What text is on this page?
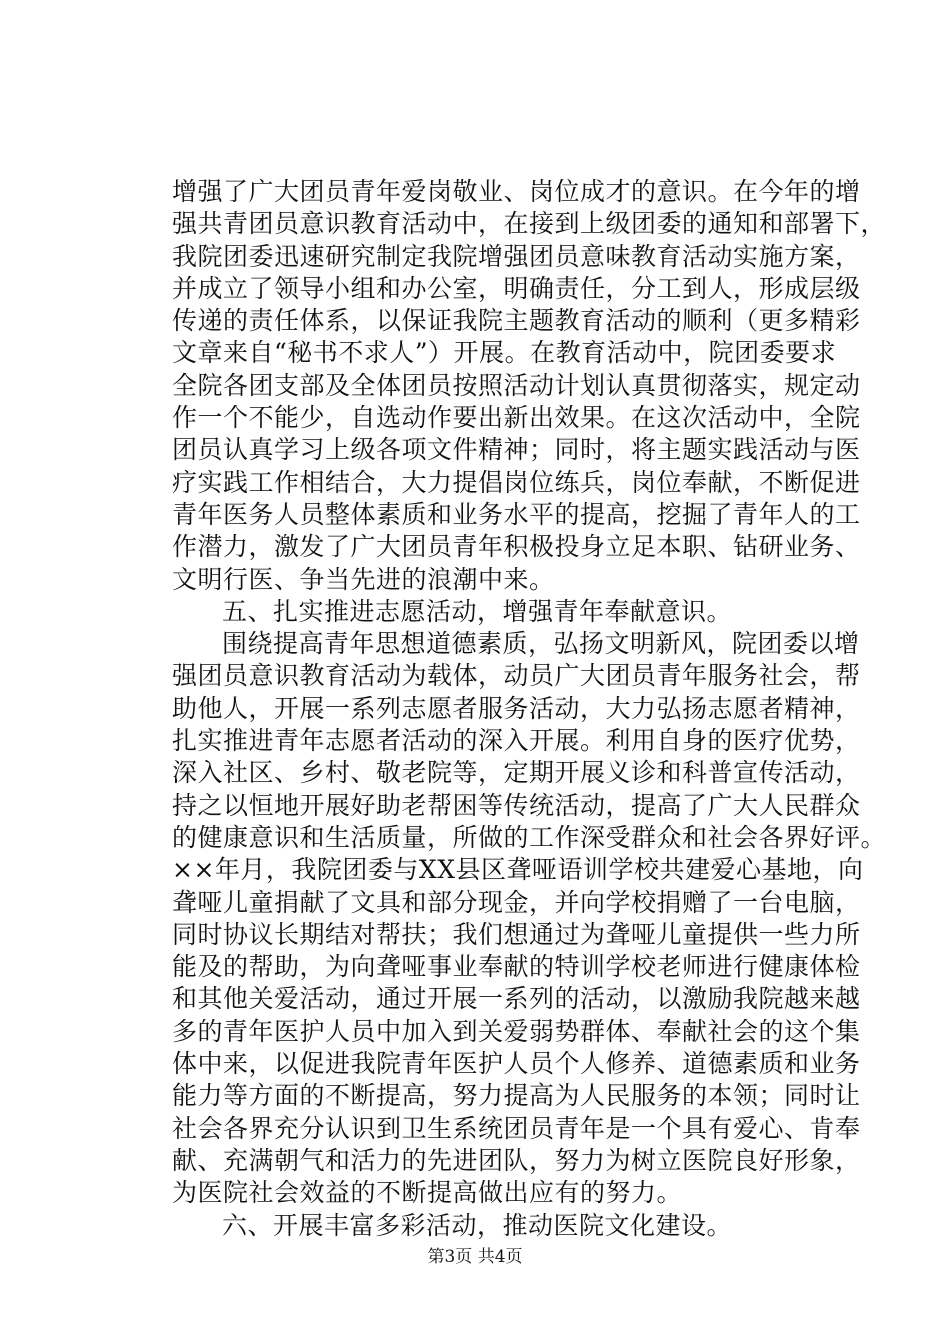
增强了广大团员青年爱岗敬业、岗位成才的意识。在今年的增
强共青团员意识教育活动中，在接到上级团委的通知和部署下，
我院团委迅速研究制定我院增强团员意味教育活动实施方案，
并成立了领导小组和办公室，明确责任，分工到人，形成层级
传递的责任体系，以保证我院主题教育活动的顺利（更多精彩
文章来自“秘书不求人”）开展。在教育活动中，院团委要求
全院各团支部及全体团员按照活动计划认真贯彻落实，规定动
作一个不能少，自选动作要出新出效果。在这次活动中，全院
团员认真学习上级各项文件精神；同时，将主题实践活动与医
疗实践工作相结合，大力提倡岗位练兵，岗位奉献，不断促进
青年医务人员整体素质和业务水平的提高，挖掘了青年人的工
作潜力，激发了广大团员青年积极投身立足本职、钻研业务、
文明行医、争当先进的浪潮中来。
五、扎实推进志愿活动，增强青年奉献意识。
围绕提高青年思想道德素质，弘扬文明新风，院团委以增
强团员意识教育活动为载体，动员广大团员青年服务社会，帮
助他人，开展一系列志愿者服务活动，大力弘扬志愿者精神，
扎实推进青年志愿者活动的深入开展。利用自身的医疗优势，
深入社区、乡村、敬老院等，定期开展义诊和科普宣传活动，
持之以恒地开展好助老帮困等传统活动，提高了广大人民群众
的健康意识和生活质量，所做的工作深受群众和社会各界好评。
××年月，我院团委与XX县区聋哑语训学校共建爱心基地，向
聋哑儿童捐献了文具和部分现金，并向学校捐赠了一台电脑，
同时协议长期结对帮扶；我们想通过为聋哑儿童提供一些力所
能及的帮助，为向聋哑事业奉献的特训学校老师进行健康体检
和其他关爱活动，通过开展一系列的活动，以激励我院越来越
多的青年医护人员中加入到关爱弱势群体、奉献社会的这个集
体中来，以促进我院青年医护人员个人修养、道德素质和业务
能力等方面的不断提高，努力提高为人民服务的本领；同时让
社会各界充分认识到卫生系统团员青年是一个具有爱心、肯奉
献、充满朝气和活力的先进团队，努力为树立医院良好形象，
为医院社会效益的不断提高做出应有的努力。
六、开展丰富多彩活动，推动医院文化建设。
第3页 共4页
